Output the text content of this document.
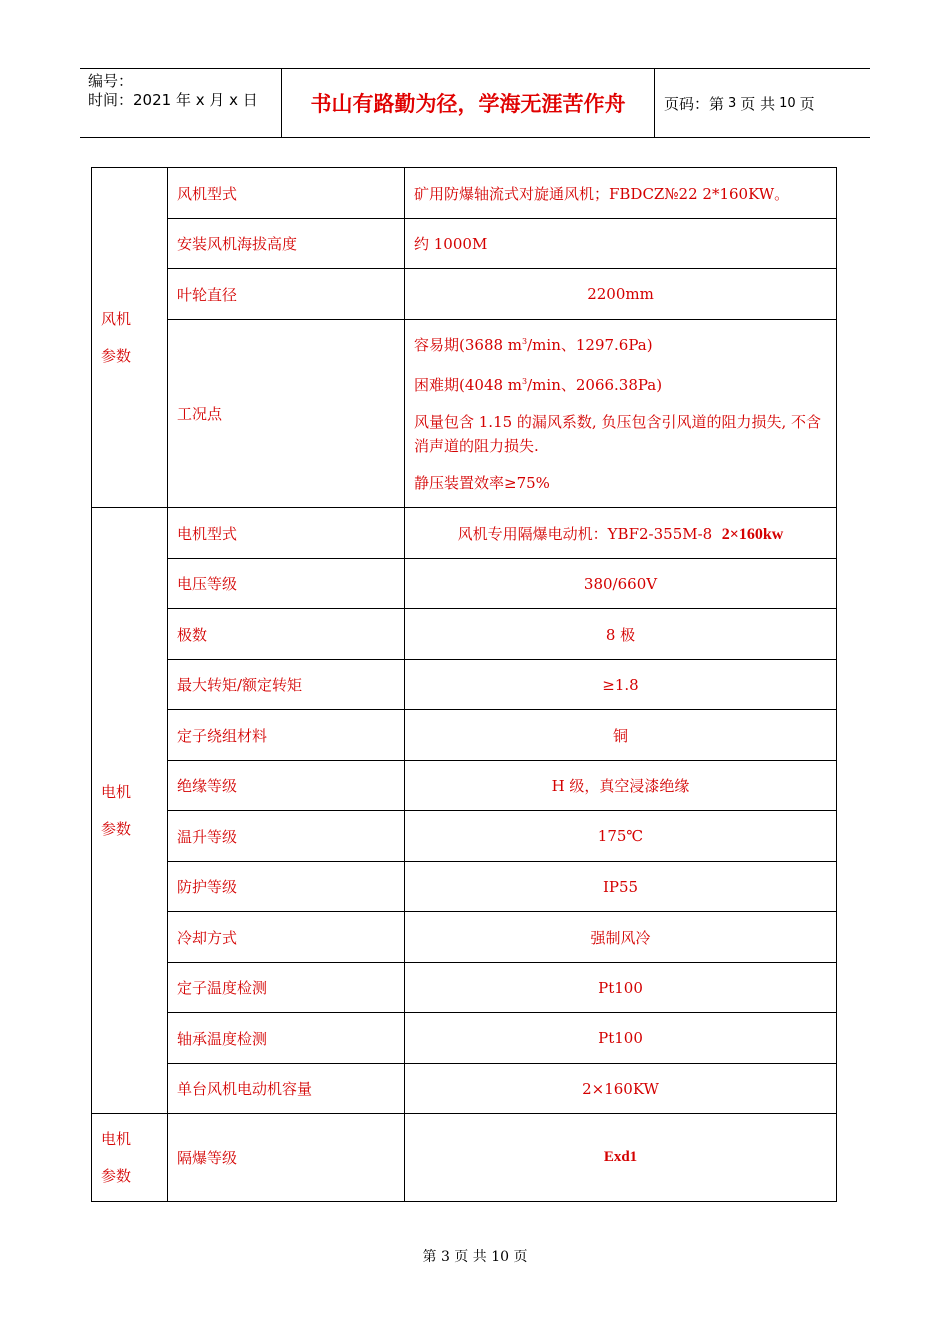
编号：
时间：2021 年 x 月 x 日	书山有路勤为径，学海无涯苦作舟	页码：第 3 页 共 10 页
风机
参数	风机型式	矿用防爆轴流式对旋通风机；FBDCZ№22 2*160KW。
	安装风机海拔高度	约 1000M
	叶轮直径	2200mm
	工况点	容易期(3688 $m^3/\min$、1297.6Pa)

困难期(4048 $m^3/\min$、2066.38Pa)

风量包含 1.15 的漏风系数, 负压包含引风道的阻力损失, 不含消声道的阻力损失.

静压装置效率≥75%

电机
参数	电机型式	风机专用隔爆电动机：YBF2-355M-8 2×160kw
	电压等级	380/660V
	极数	8 极
	最大转矩/额定转矩	≥1.8
	定子绕组材料	铜
	绝缘等级	H 级，真空浸漆绝缘
	温升等级	175℃
	防护等级	IP55
	冷却方式	强制风冷
	定子温度检测	Pt100
	轴承温度检测	Pt100
	单台风机电动机容量	2×160KW

电机
参数	隔爆等级	Exd1
第 3 页 共 10 页
